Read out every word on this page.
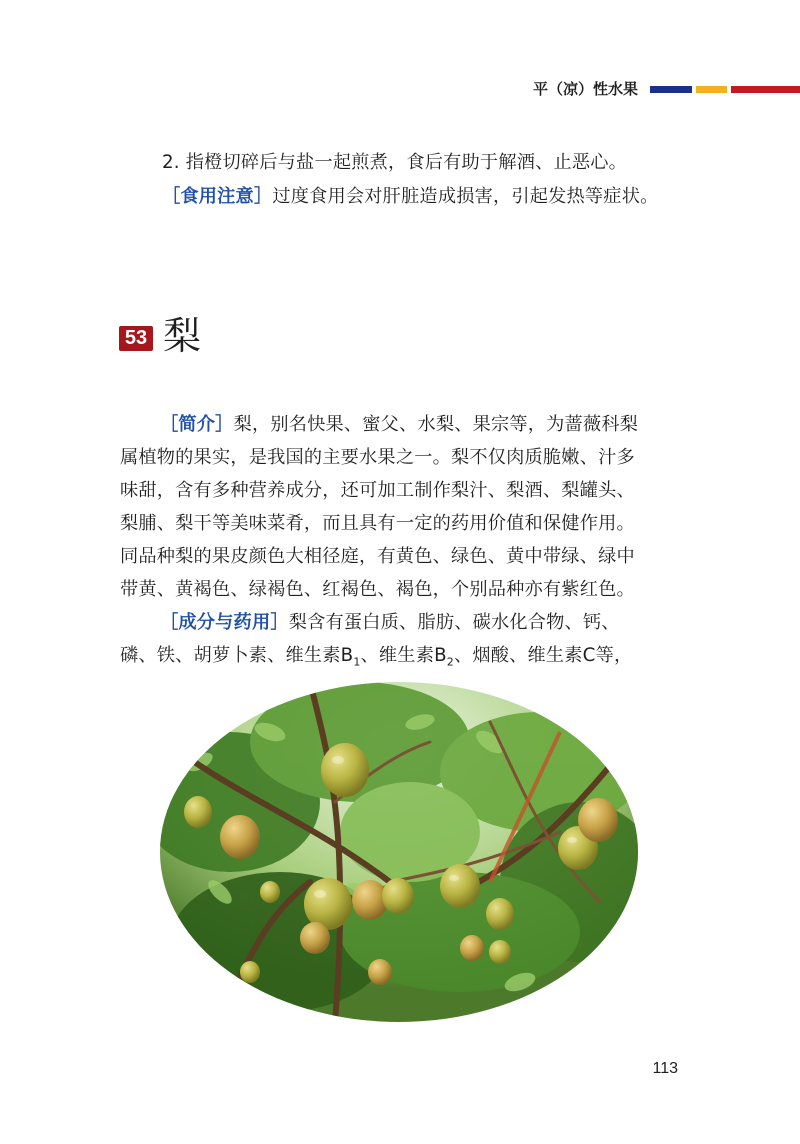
平（凉）性水果
2. 指橙切碎后与盐一起煎煮，食后有助于解酒、止恶心。
［食用注意］过度食用会对肝脏造成损害，引起发热等症状。
53 梨
［简介］梨，别名快果、蜜父、水梨、果宗等，为蔷薇科梨
属植物的果实，是我国的主要水果之一。梨不仅肉质脆嫩、汁多
味甜，含有多种营养成分，还可加工制作梨汁、梨酒、梨罐头、
梨脯、梨干等美味菜肴，而且具有一定的药用价值和保健作用。
同品种梨的果皮颜色大相径庭，有黄色、绿色、黄中带绿、绿中
带黄、黄褐色、绿褐色、红褐色、褐色，个别品种亦有紫红色。
［成分与药用］梨含有蛋白质、脂肪、碳水化合物、钙、
磷、铁、胡萝卜素、维生素$B_1$、维生素$B_2$、烟酸、维生素C等，
113
